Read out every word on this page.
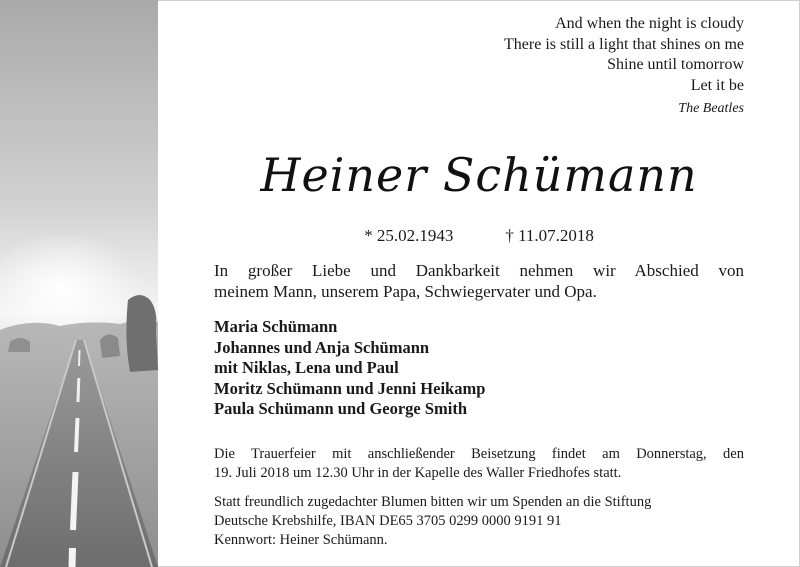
And when the night is cloudy
There is still a light that shines on me
Shine until tomorrow
Let it be
The Beatles
Heiner Schümann
* 25.02.1943	† 11.07.2018
In großer Liebe und Dankbarkeit nehmen wir Abschied von
meinem Mann, unserem Papa, Schwiegervater und Opa.
Maria Schümann
Johannes und Anja Schümann
mit Niklas, Lena und Paul
Moritz Schümann und Jenni Heikamp
Paula Schümann und George Smith
Die Trauerfeier mit anschließender Beisetzung findet am Donnerstag, den
19. Juli 2018 um 12.30 Uhr in der Kapelle des Waller Friedhofes statt.
Statt freundlich zugedachter Blumen bitten wir um Spenden an die Stiftung
Deutsche Krebshilfe, IBAN DE65 3705 0299 0000 9191 91
Kennwort: Heiner Schümann.
